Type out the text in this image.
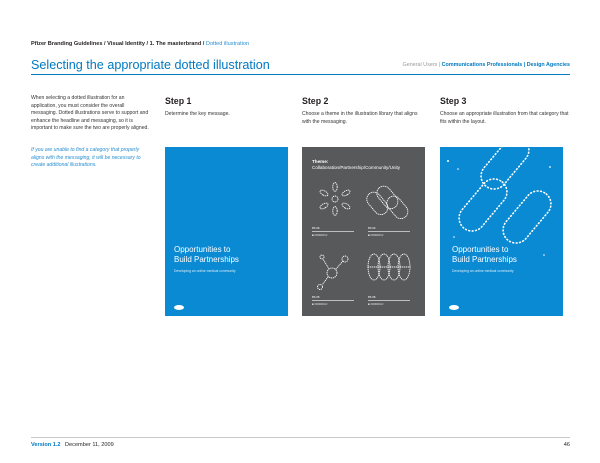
Pfizer Branding Guidelines / Visual Identity / 1. The masterbrand / Dotted illustration
Selecting the appropriate dotted illustration	General Users | Communications Professionals | Design Agencies
When selecting a dotted illustration for an application, you must consider the overall messaging. Dotted illustrations serve to support and enhance the headline and messaging, so it is important to make sure the two are properly aligned.
If you are unable to find a category that properly aligns with the messaging, it will be necessary to create additional illustrations.
Step 1
Determine the key message.
Step 2
Choose a theme in the illustration library that aligns with the messaging.
Step 3
Choose an appropriate illustration from that category that fits within the layout.
Opportunities to
Build Partnerships
Developing an online medical community
Theme:
Collaboration/Partnership/Community/Unity
PA 03
■ 000000-0
PA 04
■ 000000-0
PA 05
■ 000000-0
PA 06
■ 000000-0
Opportunities to
Build Partnerships
Developing an online medical community
Version 1.2 December 11, 2009	46
